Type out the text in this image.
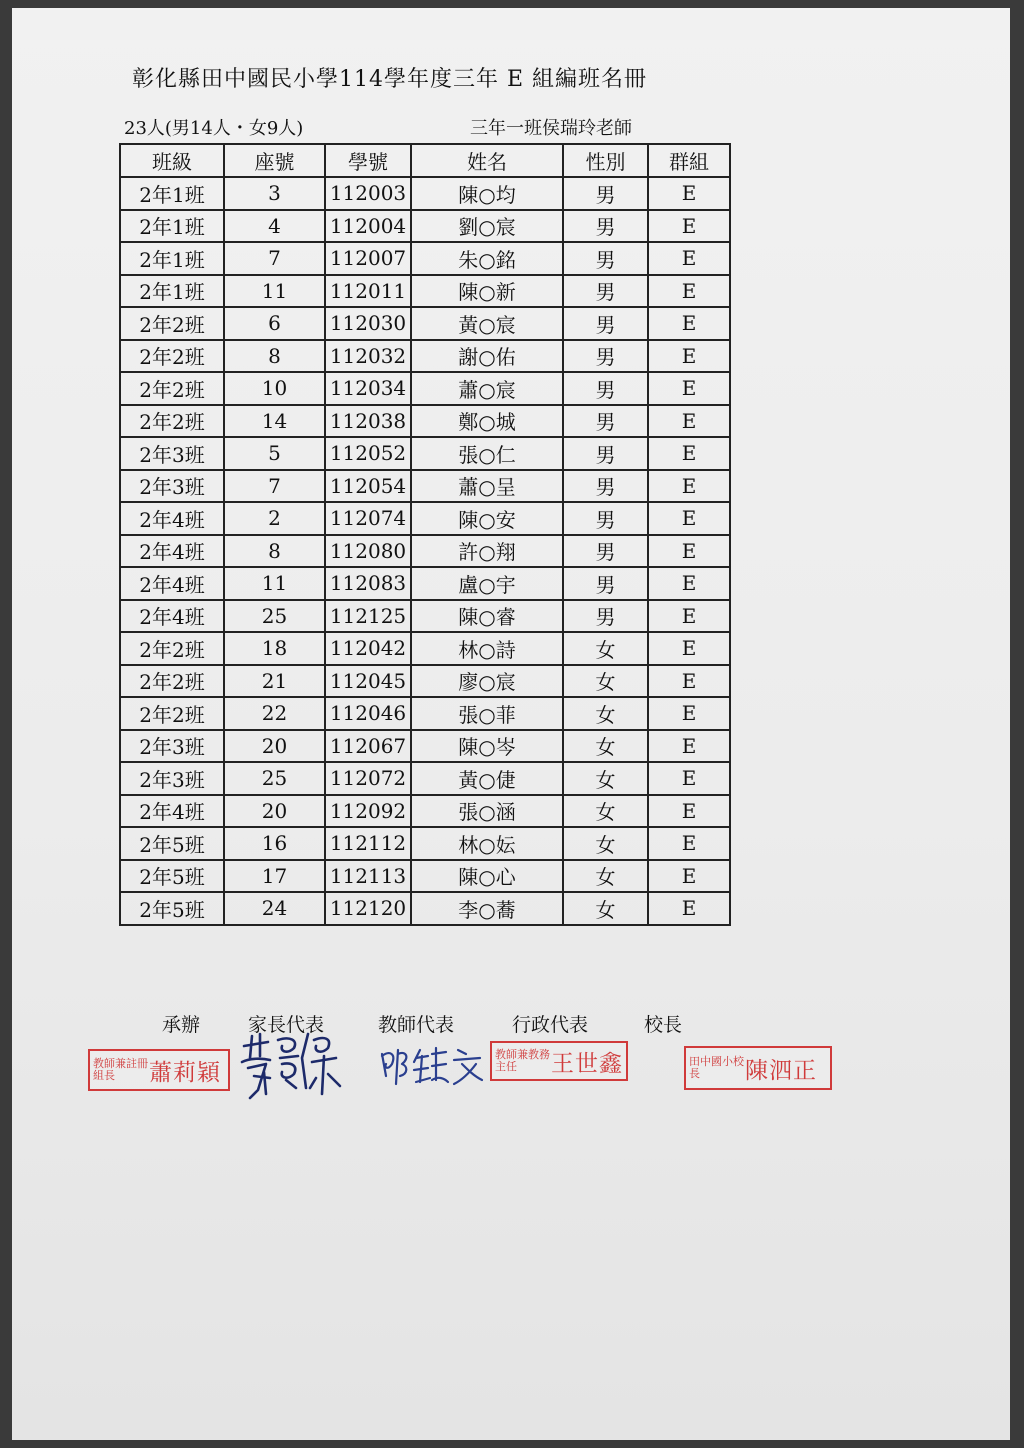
彰化縣田中國民小學114學年度三年 E 組編班名冊
23人(男14人・女9人)	三年一班侯瑞玲老師
班級	座號	學號	姓名	性別	群組
2年1班	3	112003	陳○均	男	E
2年1班	4	112004	劉○宸	男	E
2年1班	7	112007	朱○銘	男	E
2年1班	11	112011	陳○新	男	E
2年2班	6	112030	黃○宸	男	E
2年2班	8	112032	謝○佑	男	E
2年2班	10	112034	蕭○宸	男	E
2年2班	14	112038	鄭○城	男	E
2年3班	5	112052	張○仁	男	E
2年3班	7	112054	蕭○呈	男	E
2年4班	2	112074	陳○安	男	E
2年4班	8	112080	許○翔	男	E
2年4班	11	112083	盧○宇	男	E
2年4班	25	112125	陳○睿	男	E
2年2班	18	112042	林○詩	女	E
2年2班	21	112045	廖○宸	女	E
2年2班	22	112046	張○菲	女	E
2年3班	20	112067	陳○岑	女	E
2年3班	25	112072	黃○倢	女	E
2年4班	20	112092	張○涵	女	E
2年5班	16	112112	林○妘	女	E
2年5班	17	112113	陳○心	女	E
2年5班	24	112120	李○蕎	女	E
承辦	家長代表	教師代表	行政代表	校長
教師兼註冊組長	蕭莉穎
教師兼教務主任	王世鑫	田中國小校長	陳泗正
